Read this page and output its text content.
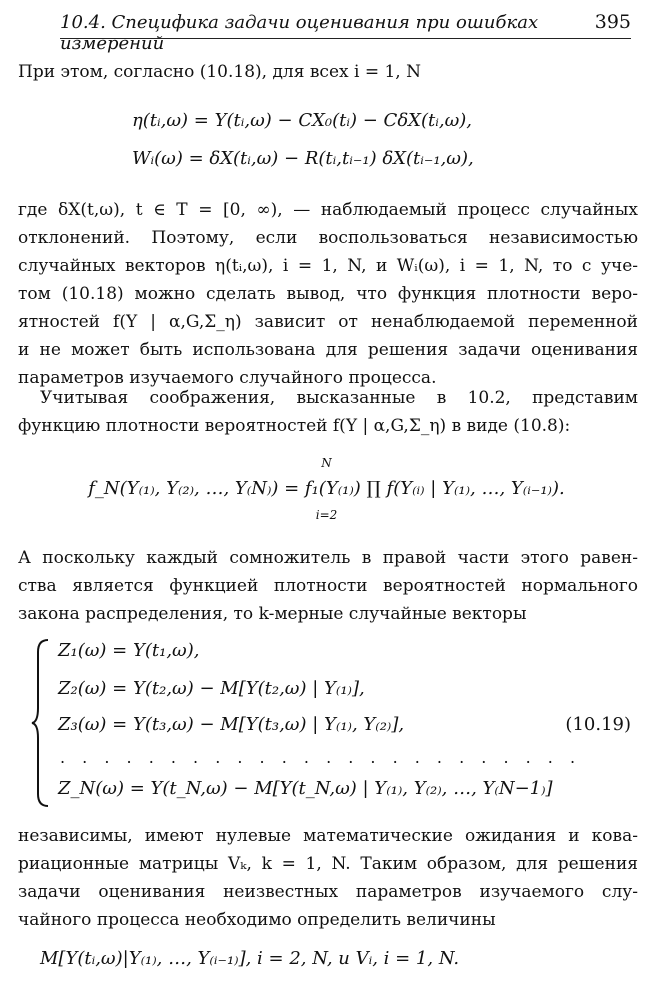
10.4. Специфика задачи оценивания при ошибках измерений
395

При этом, согласно (10.18), для всех i = 1, N

η(tᵢ,ω) = Y(tᵢ,ω) − CX₀(tᵢ) − CδX(tᵢ,ω),
Wᵢ(ω) = δX(tᵢ,ω) − R(tᵢ,tᵢ₋₁) δX(tᵢ₋₁,ω),

где δX(t,ω), t ∈ T = [0, ∞), — наблюдаемый процесс случайных
отклонений. Поэтому, если воспользоваться независимостью
случайных векторов η(tᵢ,ω), i = 1, N, и Wᵢ(ω), i = 1, N, то с уче-
том (10.18) можно сделать вывод, что функция плотности веро-
ятностей f(Y | α,G,Σ_η) зависит от ненаблюдаемой переменной
и не может быть использована для решения задачи оценивания
параметров изучаемого случайного процесса.

Учитывая соображения, высказанные в 10.2, представим
функцию плотности вероятностей f(Y | α,G,Σ_η) в виде (10.8):

N
f_N(Y₍₁₎, Y₍₂₎, …, Y₍N₎) = f₁(Y₍₁₎) ∏ f(Y₍ᵢ₎ | Y₍₁₎, …, Y₍ᵢ₋₁₎).
i=2

А поскольку каждый сомножитель в правой части этого равен-
ства является функцией плотности вероятностей нормального
закона распределения, то k-мерные случайные векторы

Z₁(ω) = Y(t₁,ω),
Z₂(ω) = Y(t₂,ω) − M[Y(t₂,ω) | Y₍₁₎],
Z₃(ω) = Y(t₃,ω) − M[Y(t₃,ω) | Y₍₁₎, Y₍₂₎],
. . . . . . . . . . . . . . . . . . . . . . . .
Z_N(ω) = Y(t_N,ω) − M[Y(t_N,ω) | Y₍₁₎, Y₍₂₎, …, Y₍N−1₎]
(10.19)

независимы, имеют нулевые математические ожидания и кова-
риационные матрицы Vₖ, k = 1, N. Таким образом, для решения
задачи оценивания неизвестных параметров изучаемого слу-
чайного процесса необходимо определить величины

M[Y(tᵢ,ω)|Y₍₁₎, …, Y₍ᵢ₋₁₎], i = 2, N, и Vᵢ, i = 1, N.
